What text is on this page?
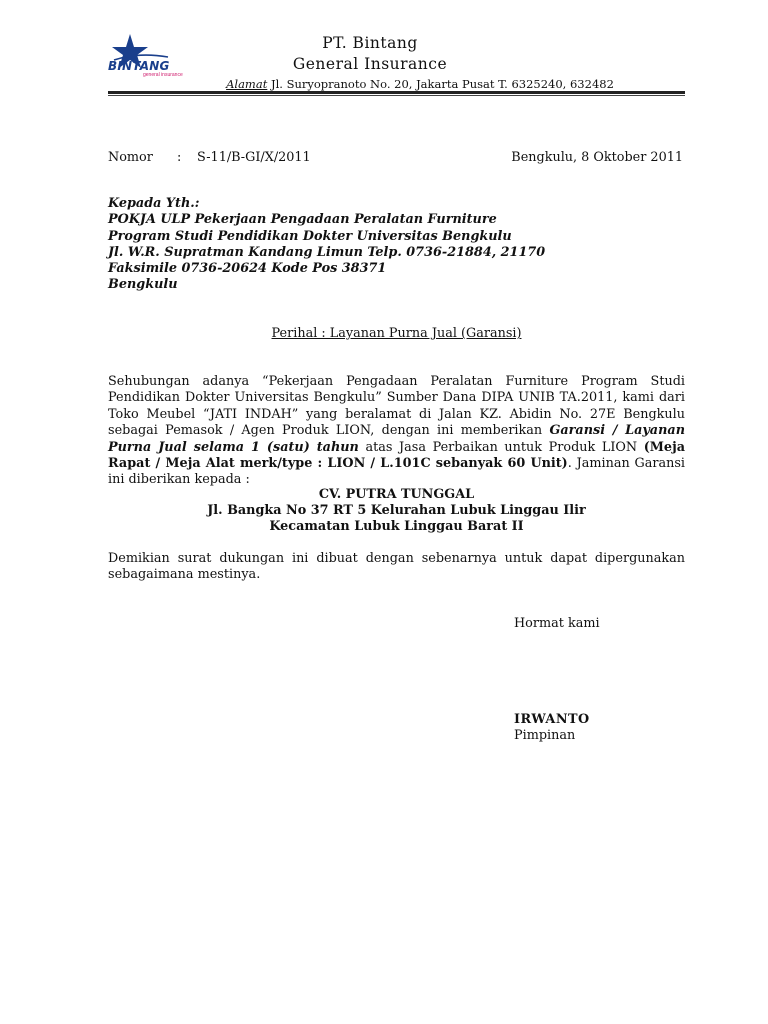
BINTANG
general insurance
PT. Bintang
General Insurance
Alamat Jl. Suryopranoto No. 20, Jakarta Pusat T. 6325240, 632482
Nomor : S-11/B-GI/X/2011	Bengkulu, 8 Oktober 2011
Kepada Yth.:
POKJA ULP Pekerjaan Pengadaan Peralatan Furniture
Program Studi Pendidikan Dokter Universitas Bengkulu
Jl. W.R. Supratman Kandang Limun Telp. 0736-21884, 21170
Faksimile 0736-20624 Kode Pos 38371
Bengkulu
Perihal : Layanan Purna Jual (Garansi)
Sehubungan adanya “Pekerjaan Pengadaan Peralatan Furniture Program Studi Pendidikan Dokter Universitas Bengkulu” Sumber Dana DIPA UNIB TA.2011, kami dari Toko Meubel “JATI INDAH” yang beralamat di Jalan KZ. Abidin No. 27E Bengkulu sebagai Pemasok / Agen Produk LION, dengan ini memberikan Garansi / Layanan Purna Jual selama 1 (satu) tahun atas Jasa Perbaikan untuk Produk LION (Meja Rapat / Meja Alat merk/type : LION / L.101C sebanyak 60 Unit). Jaminan Garansi ini diberikan kepada :
CV. PUTRA TUNGGAL
Jl. Bangka No 37 RT 5 Kelurahan Lubuk Linggau Ilir
Kecamatan Lubuk Linggau Barat II
Demikian surat dukungan ini dibuat dengan sebenarnya untuk dapat dipergunakan sebagaimana mestinya.
Hormat kami
IRWANTO
Pimpinan
